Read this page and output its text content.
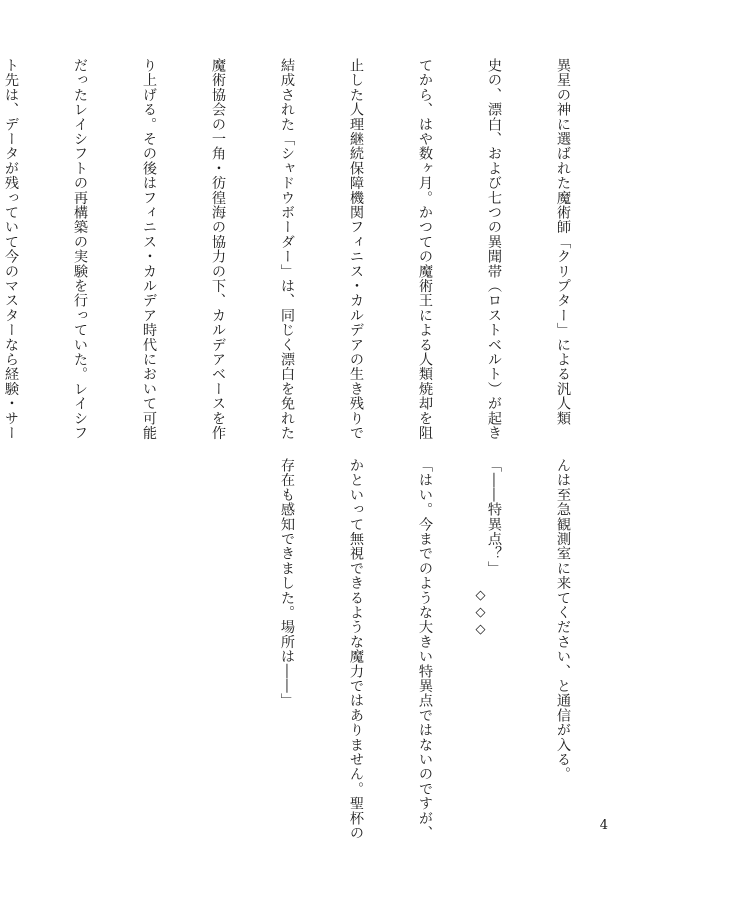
異星の神に選ばれた魔術師「クリプター」による汎人類

史の、漂白、および七つの異聞帯（ロストベルト）が起き

てから、はや数ヶ月。かつての魔術王による人類焼却を阻

止した人理継続保障機関フィニス・カルデアの生き残りで

結成された「シャドウボーダー」は、同じく漂白を免れた

魔術協会の一角・彷徨海の協力の下、カルデアベースを作

り上げる。その後はフィニス・カルデア時代において可能

だったレイシフトの再構築の実験を行っていた。レイシフ

ト先は、データが残っていて今のマスターなら経験・サー

んは至急観測室に来てください、と通信が入る。

「――特異点？」

「はい。今までのような大きい特異点ではないのですが、

かといって無視できるような魔力ではありません。聖杯の

存在も感知できました。場所は――」

	◇◇◇
4
